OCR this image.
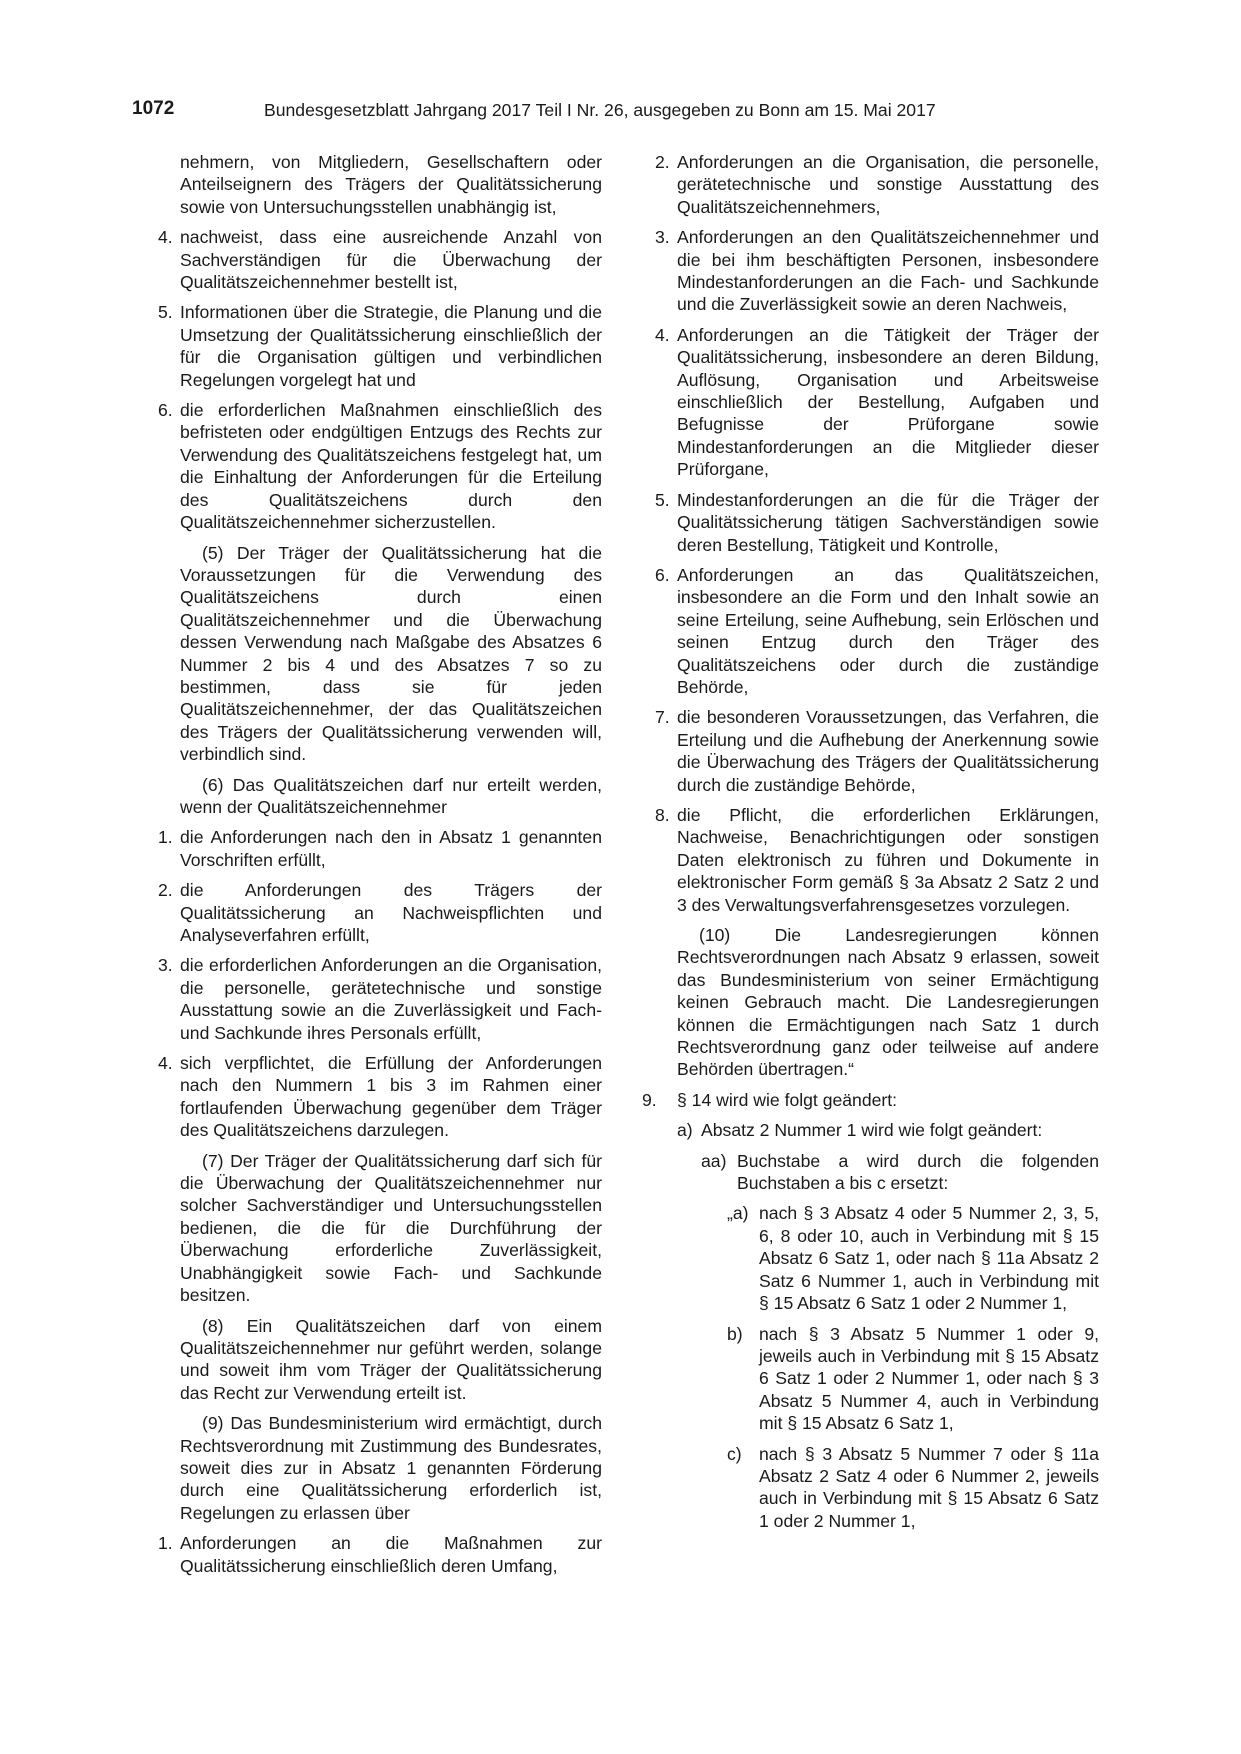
1072	Bundesgesetzblatt Jahrgang 2017 Teil I Nr. 26, ausgegeben zu Bonn am 15. Mai 2017
nehmern, von Mitgliedern, Gesellschaftern oder Anteilseignern des Trägers der Qualitätssicherung sowie von Untersuchungsstellen unabhängig ist,
4. nachweist, dass eine ausreichende Anzahl von Sachverständigen für die Überwachung der Qualitätszeichennehmer bestellt ist,
5. Informationen über die Strategie, die Planung und die Umsetzung der Qualitätssicherung einschließlich der für die Organisation gültigen und verbindlichen Regelungen vorgelegt hat und
6. die erforderlichen Maßnahmen einschließlich des befristeten oder endgültigen Entzugs des Rechts zur Verwendung des Qualitätszeichens festgelegt hat, um die Einhaltung der Anforderungen für die Erteilung des Qualitätszeichens durch den Qualitätszeichennehmer sicherzustellen.

(5) Der Träger der Qualitätssicherung hat die Voraussetzungen für die Verwendung des Qualitätszeichens durch einen Qualitätszeichennehmer und die Überwachung dessen Verwendung nach Maßgabe des Absatzes 6 Nummer 2 bis 4 und des Absatzes 7 so zu bestimmen, dass sie für jeden Qualitätszeichennehmer, der das Qualitätszeichen des Trägers der Qualitätssicherung verwenden will, verbindlich sind.

(6) Das Qualitätszeichen darf nur erteilt werden, wenn der Qualitätszeichennehmer

1. die Anforderungen nach den in Absatz 1 genannten Vorschriften erfüllt,
2. die Anforderungen des Trägers der Qualitätssicherung an Nachweispflichten und Analyseverfahren erfüllt,
3. die erforderlichen Anforderungen an die Organisation, die personelle, gerätetechnische und sonstige Ausstattung sowie an die Zuverlässigkeit und Fach- und Sachkunde ihres Personals erfüllt,
4. sich verpflichtet, die Erfüllung der Anforderungen nach den Nummern 1 bis 3 im Rahmen einer fortlaufenden Überwachung gegenüber dem Träger des Qualitätszeichens darzulegen.

(7) Der Träger der Qualitätssicherung darf sich für die Überwachung der Qualitätszeichennehmer nur solcher Sachverständiger und Untersuchungsstellen bedienen, die die für die Durchführung der Überwachung erforderliche Zuverlässigkeit, Unabhängigkeit sowie Fach- und Sachkunde besitzen.

(8) Ein Qualitätszeichen darf von einem Qualitätszeichennehmer nur geführt werden, solange und soweit ihm vom Träger der Qualitätssicherung das Recht zur Verwendung erteilt ist.

(9) Das Bundesministerium wird ermächtigt, durch Rechtsverordnung mit Zustimmung des Bundesrates, soweit dies zur in Absatz 1 genannten Förderung durch eine Qualitätssicherung erforderlich ist, Regelungen zu erlassen über

1. Anforderungen an die Maßnahmen zur Qualitätssicherung einschließlich deren Umfang,
2. Anforderungen an die Organisation, die personelle, gerätetechnische und sonstige Ausstattung des Qualitätszeichennehmers,
3. Anforderungen an den Qualitätszeichennehmer und die bei ihm beschäftigten Personen, insbesondere Mindestanforderungen an die Fach- und Sachkunde und die Zuverlässigkeit sowie an deren Nachweis,
4. Anforderungen an die Tätigkeit der Träger der Qualitätssicherung, insbesondere an deren Bildung, Auflösung, Organisation und Arbeitsweise einschließlich der Bestellung, Aufgaben und Befugnisse der Prüforgane sowie Mindestanforderungen an die Mitglieder dieser Prüforgane,
5. Mindestanforderungen an die für die Träger der Qualitätssicherung tätigen Sachverständigen sowie deren Bestellung, Tätigkeit und Kontrolle,
6. Anforderungen an das Qualitätszeichen, insbesondere an die Form und den Inhalt sowie an seine Erteilung, seine Aufhebung, sein Erlöschen und seinen Entzug durch den Träger des Qualitätszeichens oder durch die zuständige Behörde,
7. die besonderen Voraussetzungen, das Verfahren, die Erteilung und die Aufhebung der Anerkennung sowie die Überwachung des Trägers der Qualitätssicherung durch die zuständige Behörde,
8. die Pflicht, die erforderlichen Erklärungen, Nachweise, Benachrichtigungen oder sonstigen Daten elektronisch zu führen und Dokumente in elektronischer Form gemäß § 3a Absatz 2 Satz 2 und 3 des Verwaltungsverfahrensgesetzes vorzulegen.

(10) Die Landesregierungen können Rechtsverordnungen nach Absatz 9 erlassen, soweit das Bundesministerium von seiner Ermächtigung keinen Gebrauch macht. Die Landesregierungen können die Ermächtigungen nach Satz 1 durch Rechtsverordnung ganz oder teilweise auf andere Behörden übertragen.“

9.	§ 14 wird wie folgt geändert:
a) Absatz 2 Nummer 1 wird wie folgt geändert:
aa) Buchstabe a wird durch die folgenden Buchstaben a bis c ersetzt:
„a) nach § 3 Absatz 4 oder 5 Nummer 2, 3, 5, 6, 8 oder 10, auch in Verbindung mit § 15 Absatz 6 Satz 1, oder nach § 11a Absatz 2 Satz 6 Nummer 1, auch in Verbindung mit § 15 Absatz 6 Satz 1 oder 2 Nummer 1,
b) nach § 3 Absatz 5 Nummer 1 oder 9, jeweils auch in Verbindung mit § 15 Absatz 6 Satz 1 oder 2 Nummer 1, oder nach § 3 Absatz 5 Nummer 4, auch in Verbindung mit § 15 Absatz 6 Satz 1,
c) nach § 3 Absatz 5 Nummer 7 oder § 11a Absatz 2 Satz 4 oder 6 Nummer 2, jeweils auch in Verbindung mit § 15 Absatz 6 Satz 1 oder 2 Nummer 1,
